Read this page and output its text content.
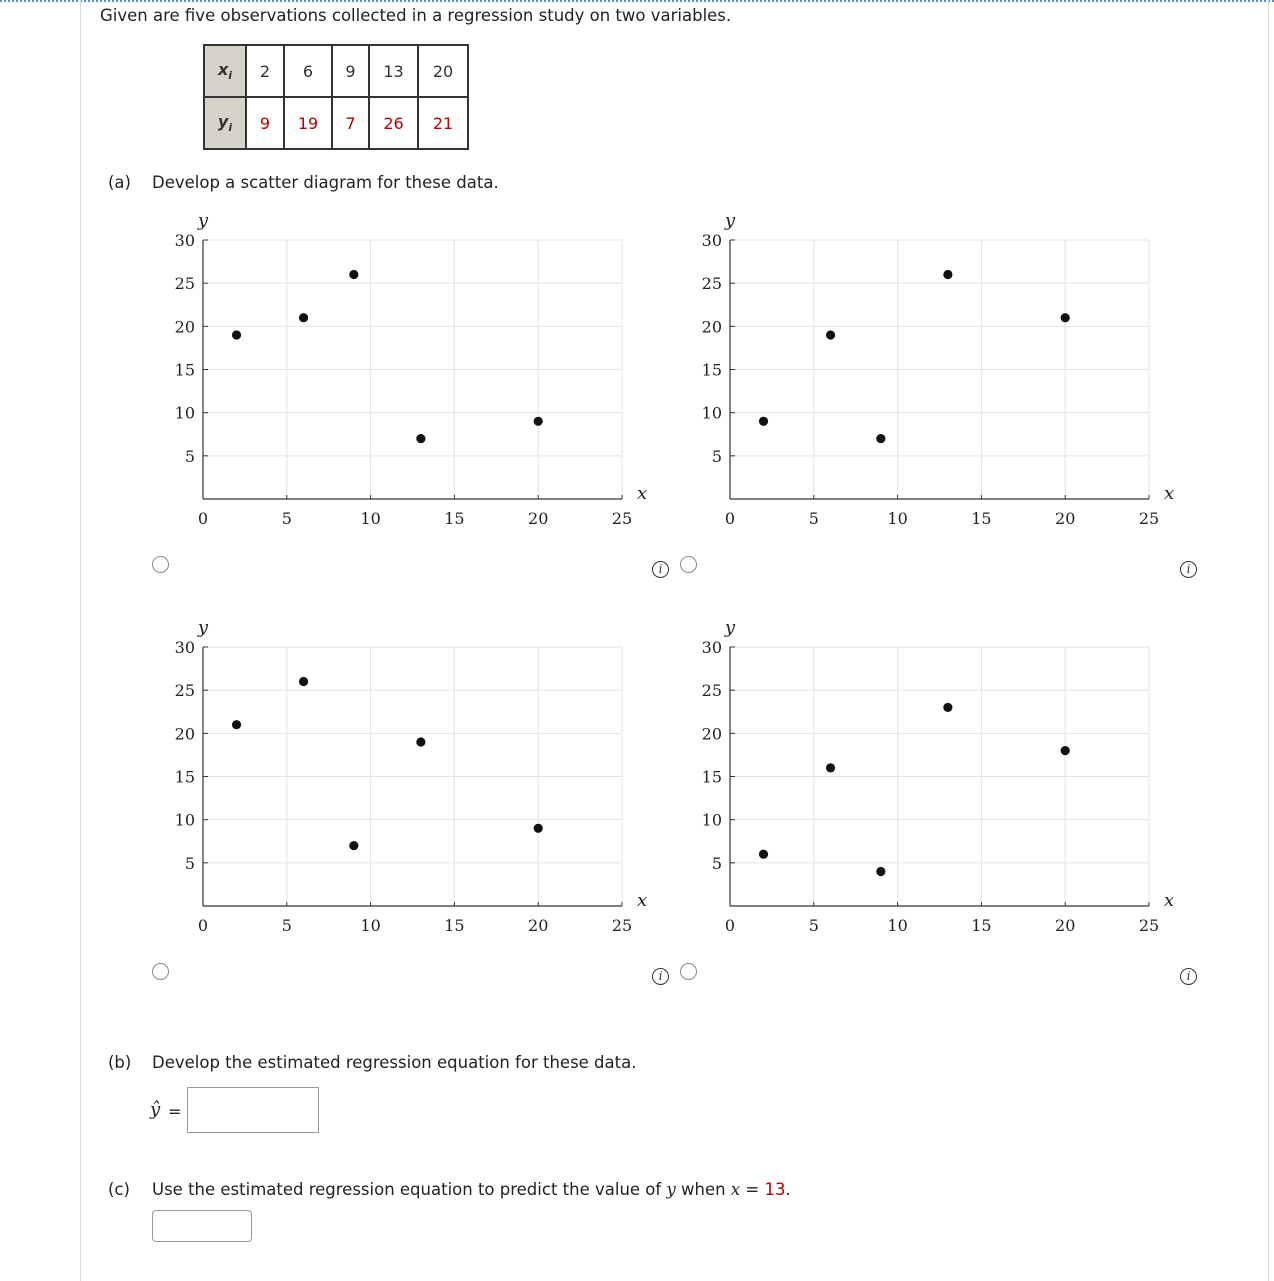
Given are five observations collected in a regression study on two variables.
$x_i$	2	6	9	13	20
$y_i$	9	19	7	26	21
(a) Develop a scatter diagram for these data.
0	5	10	15	20	25
5
10
15
20
25
30
y
x
0	5	10	15	20	25
5
10
15
20
25
30
y
x
0	5	10	15	20	25
5
10
15
20
25
30
y
x
0	5	10	15	20	25
5
10
15
20
25
30
y
x
i	i
i	i
(b) Develop the estimated regression equation for these data.
ŷ =
(c) Use the estimated regression equation to predict the value of y when x = 13.
